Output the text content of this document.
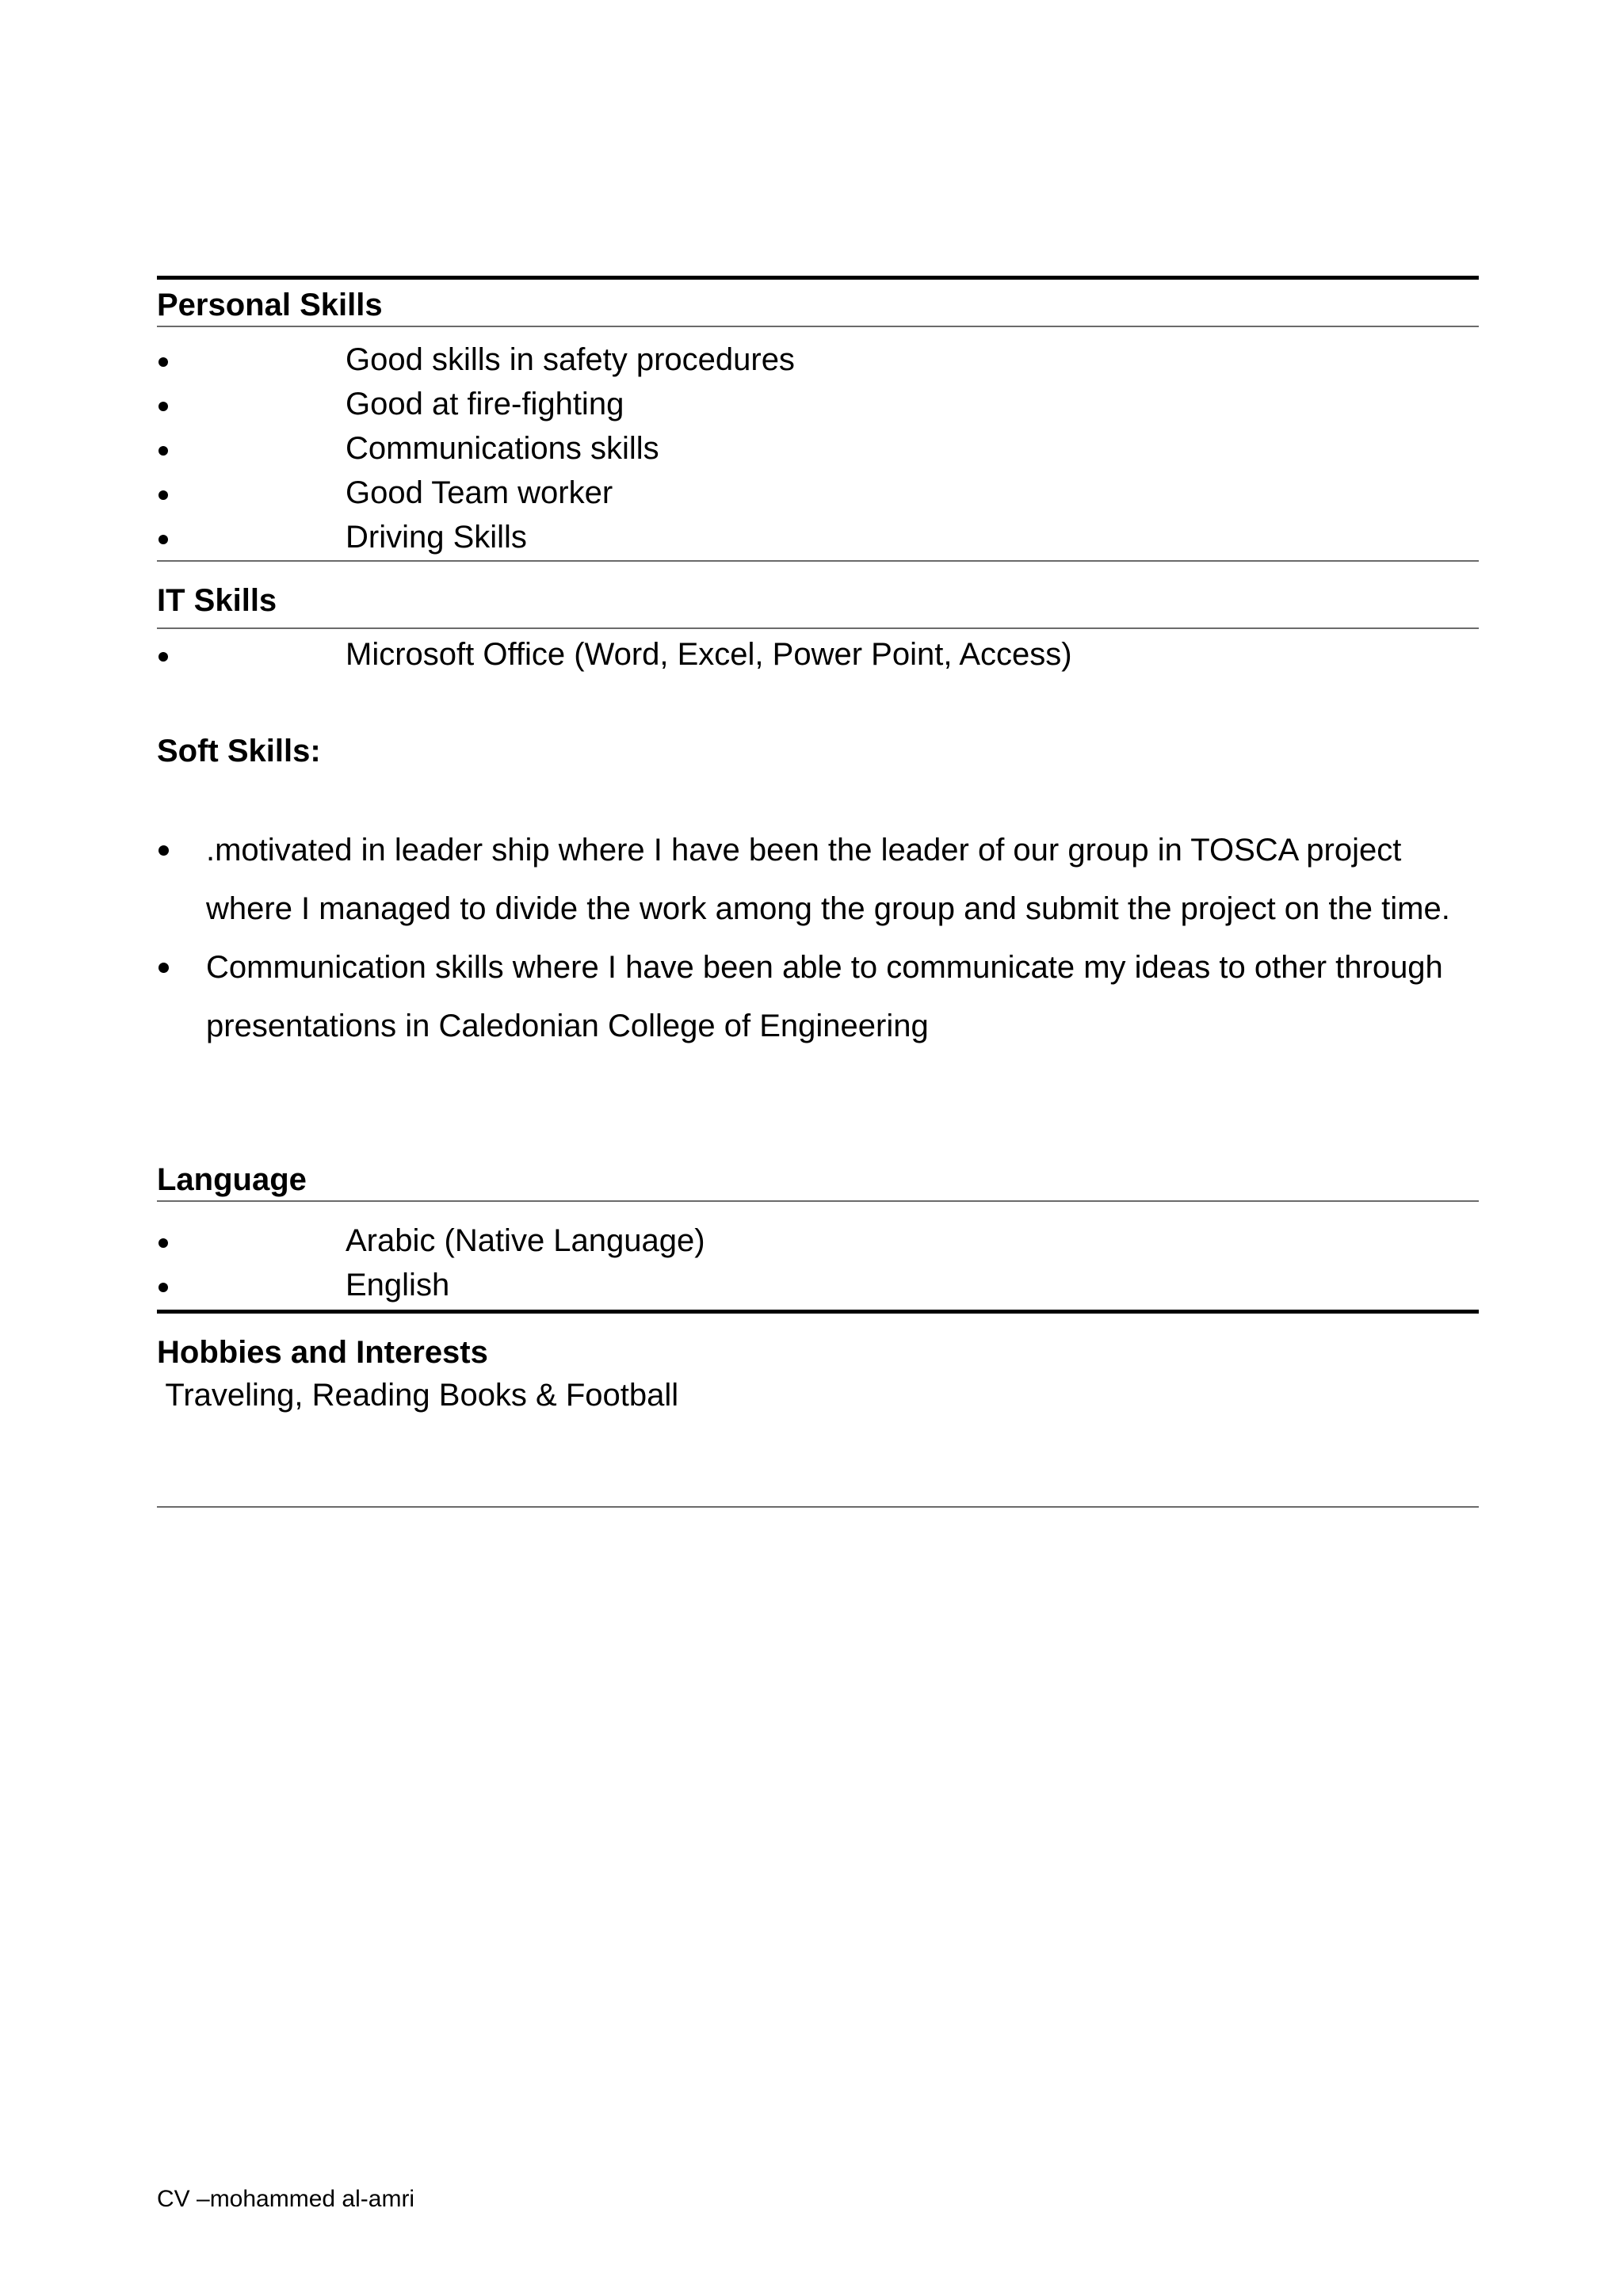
Personal Skills
Good skills in safety procedures
Good at fire-fighting
Communications skills
Good Team worker
Driving Skills
IT Skills
Microsoft Office (Word, Excel, Power Point, Access)
Soft Skills:
.motivated in leader ship where I have been the leader of our group in TOSCA project where I managed to divide the work among the group and submit the project on the time.
Communication skills where I have been able to communicate my ideas to other through presentations in Caledonian College of Engineering
Language
Arabic (Native Language)
English
Hobbies and Interests
Traveling, Reading Books & Football
CV –mohammed al-amri
